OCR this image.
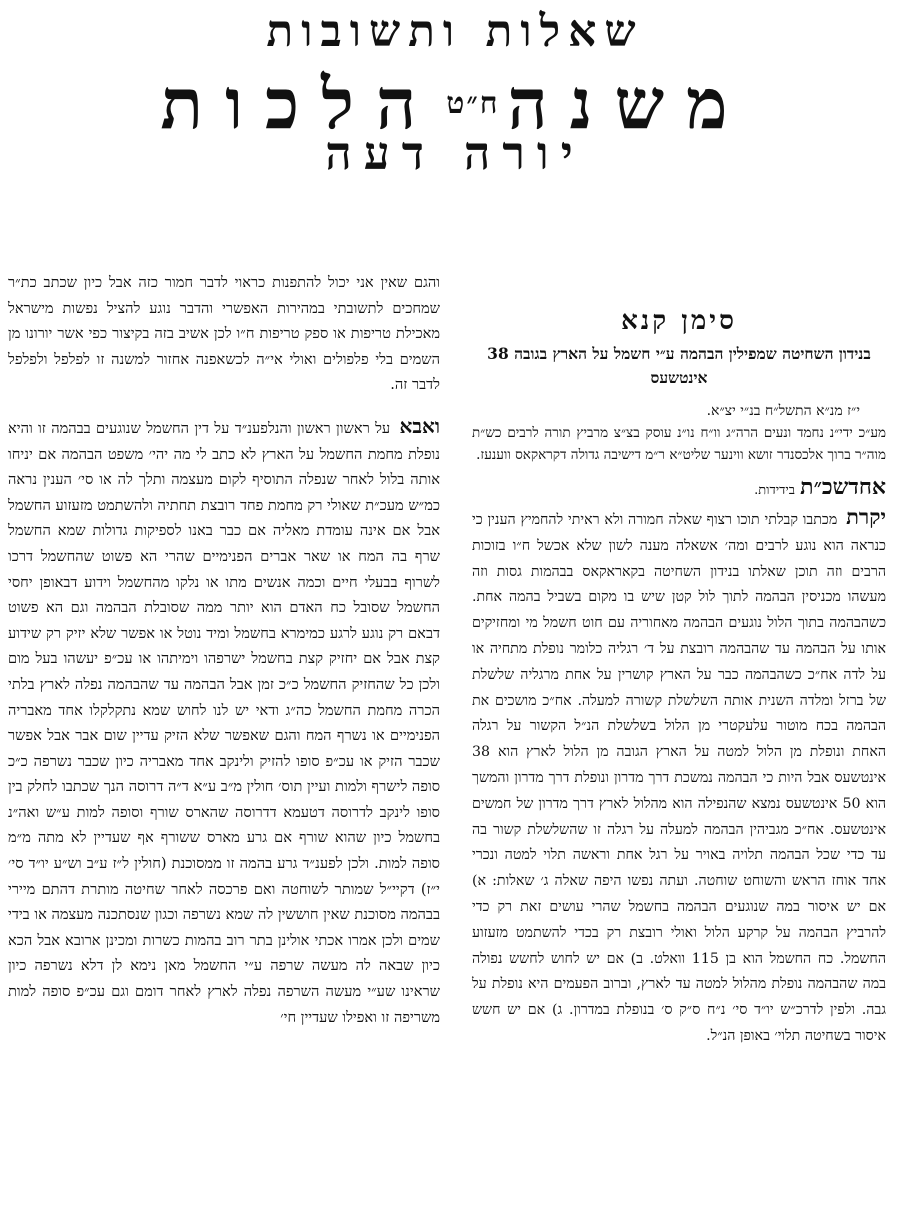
שאלות ותשובות
משנה$^{ח״ט}$הלכות
יורה דעה
סימן קנא
בנידון השחיטה שמפילין הבהמה ע״י חשמל על הארץ בגובה 38 אינטשעס

י״ז מנ״א התשל״ח בנ״י יצ״א.

מע״כ ידי״נ נחמד ונעים הרה״ג וו״ח נו״נ עוסק בצ״צ מרביץ תורה לרבים כש״ת מוה״ר ברוך אלכסנדר זושא ווינער שליט״א ר״מ דישיבה גדולה דקראקאס ווענעז.

אחדשכ״ת בידידות.

יקרת מכתבו קבלתי תוכו רצוף שאלה חמורה ולא ראיתי להחמיץ הענין כי כנראה הוא נוגע לרבים ומה׳ אשאלה מענה לשון שלא אכשל ח״ו בזוכות הרבים וזה תוכן שאלתו בנידון השחיטה בקאראקאס בבהמות גסות וזה מעשהו מכניסין הבהמה לתוך לול קטן שיש בו מקום בשביל בהמה אחת. כשהבהמה בתוך הלול נוגעים הבהמה מאחוריה עם חוט חשמל מי ומחזיקים אותו על הבהמה עד שהבהמה רובצת על ד׳ רגליה כלומר נופלת מתחיה או על לדה אח״כ כשהבהמה כבר על הארץ קושרין על אחת מרגליה שלשלת של ברזל ומלדה השנית אותה השלשלת קשורה למעלה. אח״כ מושכים את הבהמה בכח מוטור עלעקטרי מן הלול בשלשלת הנ״ל הקשור על רגלה האחת ונופלת מן הלול למטה על הארץ הגובה מן הלול לארץ הוא 38 אינטשעס אבל היות כי הבהמה נמשכת דרך מדרון ונופלת דרך מדרון והמשך הוא 50 אינטשעס נמצא שהנפילה הוא מהלול לארץ דרך מדרון של חמשים אינטשעס. אח״כ מגביהין הבהמה למעלה על רגלה זו שהשלשלת קשור בה עד כדי שכל הבהמה תלויה באויר על רגל אחת וראשה תלוי למטה ונכרי אחד אוחז הראש והשוחט שוחטה. ועתה נפשו היפה שאלה ג׳ שאלות: א) אם יש איסור במה שנוגעים הבהמה בחשמל שהרי עושים זאת רק כדי להרביץ הבהמה על קרקע הלול ואולי רובצת רק בכדי להשתמט מזעזוע החשמל. כח החשמל הוא בן 115 וואלט. ב) אם יש לחוש לחשש נפולה במה שהבהמה נופלת מהלול למטה עד לארץ, וברוב הפעמים היא נופלת על גבה. ולפין לדרכ״ש יו״ד סי׳ נ״ח ס״ק ס׳ בנופלת במדרון. ג) אם יש חשש איסור בשחיטה תלוי׳ באופן הנ״ל.

והגם שאין אני יכול להתפנות כראוי לדבר חמור כזה אבל כיון שכתב כת״ר שמחכים לתשובתי במהירות האפשרי והדבר נוגע להציל נפשות מישראל מאכילת טריפות או ספק טריפות ח״ו לכן אשיב בזה בקיצור כפי אשר יורונו מן השמים בלי פלפולים ואולי אי״ה לכשאפנה אחזור למשנה זו לפלפל ולפלפל לדבר זה.

ואבא על ראשון ראשון והנלפענ״ד על דין החשמל שנוגעים בבהמה זו והיא נופלת מחמת החשמל על הארץ לא כתב לי מה יהי׳ משפט הבהמה אם יניחו אותה בלול לאחר שנפלה התוסיף לקום מעצמה ותלך לה או סי׳ הענין נראה כמ״ש מעכ״ת שאולי רק מחמת פחד רובצת תחתיה ולהשתמט מזעזוע החשמל אבל אם אינה עומדת מאליה אם כבר באנו לספיקות גדולות שמא החשמל שרף בה המח או שאר אברים הפנימיים שהרי הא פשוט שהחשמל דרכו לשרוף בבעלי חיים וכמה אנשים מתו או נלקו מהחשמל וידוע דבאופן יחסי החשמל שסובל כח האדם הוא יותר ממה שסובלת הבהמה וגם הא פשוט דבאם רק נוגע לרגע כמימרא בחשמל ומיד נוטל או אפשר שלא יזיק רק שידוע קצת אבל אם יחזיק קצת בחשמל ישרפהו וימיתהו או עכ״פ יעשהו בעל מום ולכן כל שהחזיק החשמל כ״כ זמן אבל הבהמה עד שהבהמה נפלה לארץ בלתי הכרה מחמת החשמל כה״ג ודאי יש לנו לחוש שמא נתקלקלו אחד מאבריה הפנימיים או נשרף המח והגם שאפשר שלא הזיק עדיין שום אבר אבל אפשר שכבר הזיק או עכ״פ סופו להזיק ולינקב אחד מאבריה כיון שכבר נשרפה כ״כ סופה לישרף ולמות ועיין תוס׳ חולין מ״ב ע״א ד״ה דרוסה הנך שכתבו לחלק בין סופו לינקב לדרוסה דטעמא דדרוסה שהארס שורף וסופה למות ע״ש ואה״נ בחשמל כיון שהוא שורף אם גרע מארס ששורף אף שעדיין לא מתה מ״מ סופה למות. ולכן לפענ״ד גרע בהמה זו ממסוכנת (חולין ל״ז ע״ב וש״ע יו״ד סי׳ י״ז) דקיי״ל שמותר לשוחטה ואם פרכסה לאחר שחיטה מותרת דהתם מיירי בבהמה מסוכנת שאין חוששין לה שמא נשרפה וכגון שנסתכנה מעצמה או בידי שמים ולכן אמרו אכתי אולינן בתר רוב בהמות כשרות ומכינן ארובא אבל הכא כיון שבאה לה מעשה שרפה ע״י החשמל מאן נימא לן דלא נשרפה כיון שראינו שע״י מעשה השרפה נפלה לארץ לאחר דומם וגם עכ״פ סופה למות משריפה זו ואפילו שעדיין חי׳
